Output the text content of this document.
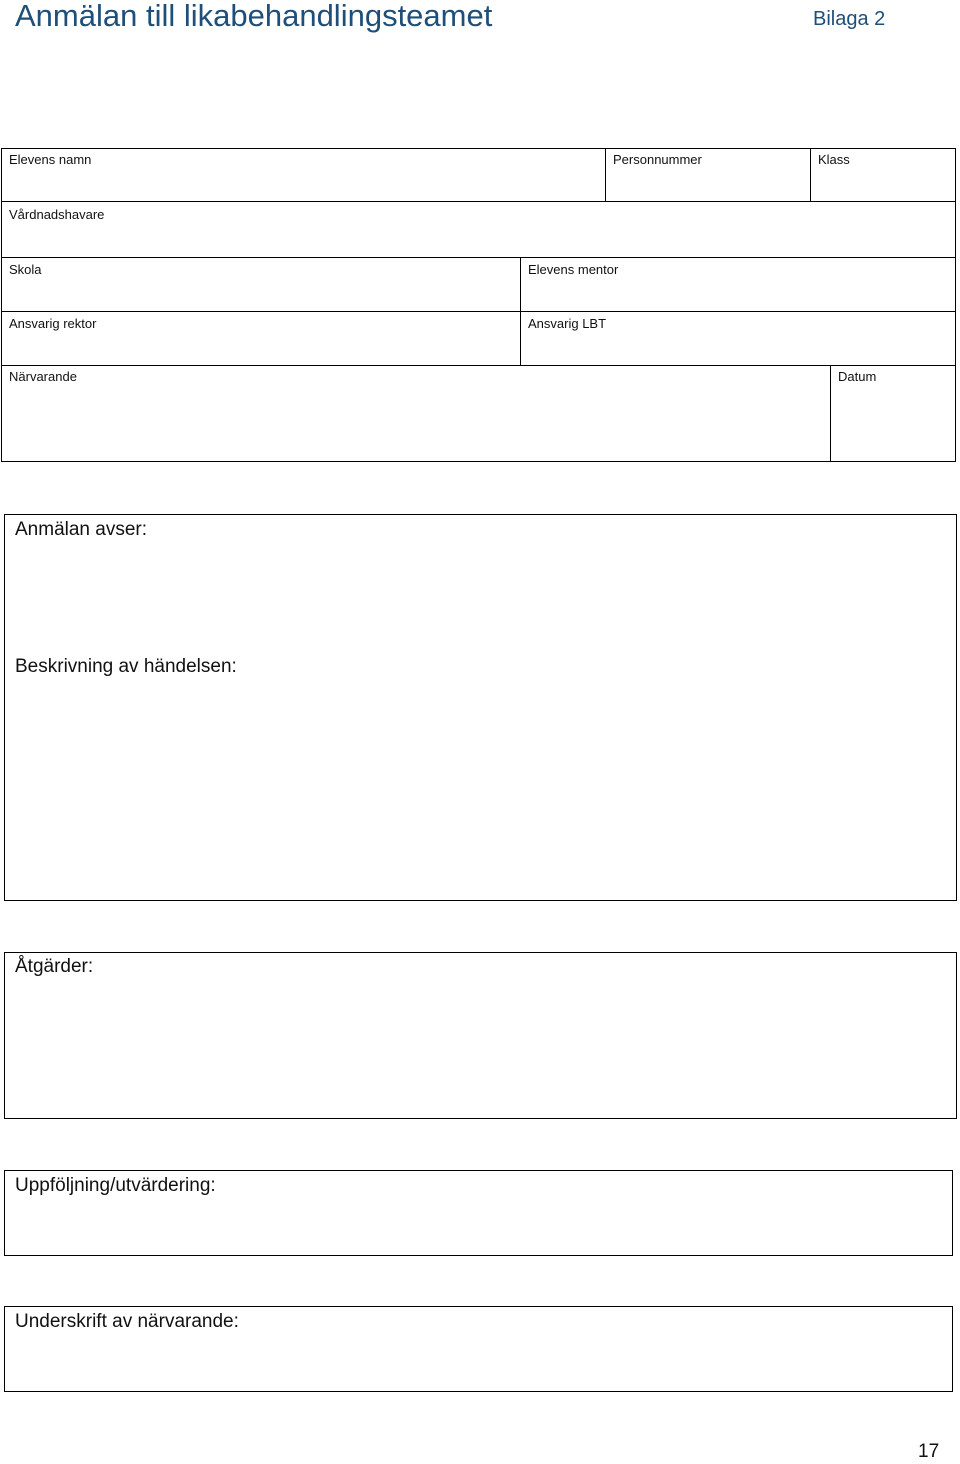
Anmälan till likabehandlingsteamet	Bilaga 2
Elevens namn	Personnummer	Klass
Vårdnadshavare
Skola	Elevens mentor
Ansvarig rektor	Ansvarig LBT
Närvarande	Datum
Anmälan avser:
Beskrivning av händelsen:
Åtgärder:
Uppföljning/utvärdering:
Underskrift av närvarande:
17
